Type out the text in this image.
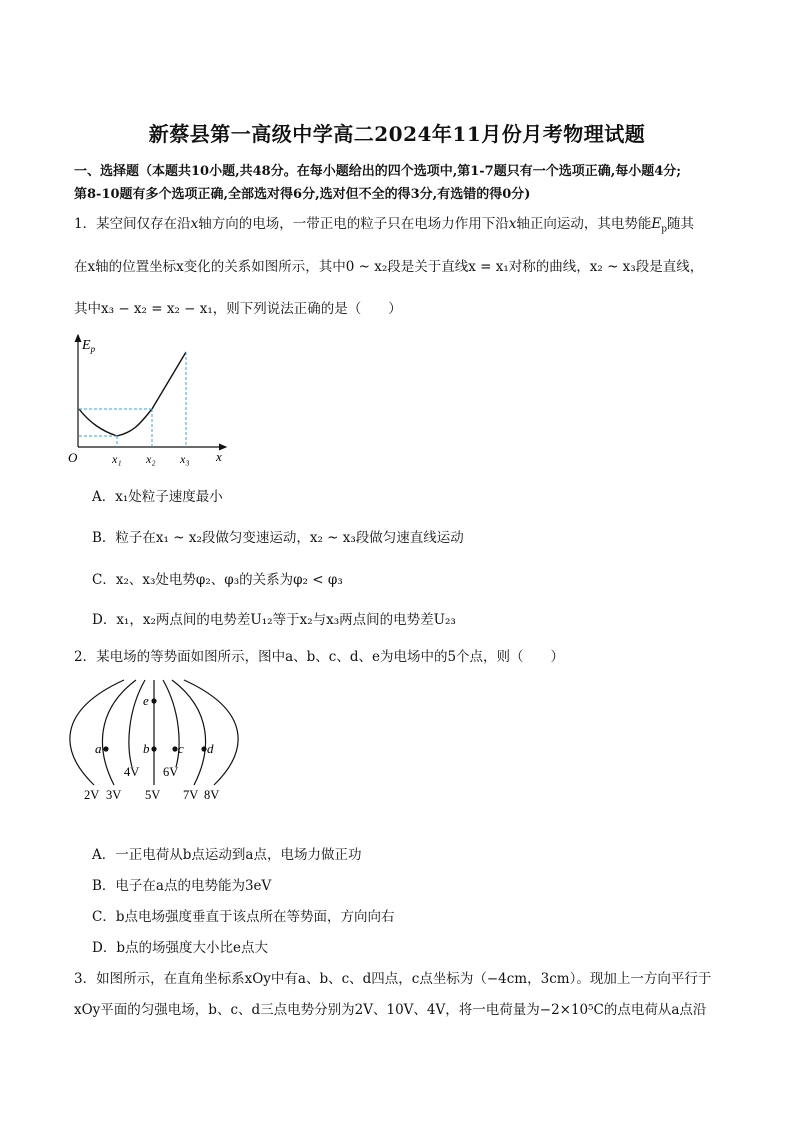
新蔡县第一高级中学高二2024年11月份月考物理试题
一、选择题（本题共10小题,共48分。在每小题给出的四个选项中,第1-7题只有一个选项正确,每小题4分;
第8-10题有多个选项正确,全部选对得6分,选对但不全的得3分,有选错的得0分)
1．某空间仅存在沿x轴方向的电场，一带正电的粒子只在电场力作用下沿x轴正向运动，其电势能$E_p$随其
在x轴的位置坐标x变化的关系如图所示，其中0 ~ x₂段是关于直线x = x₁对称的曲线，x₂ ~ x₃段是直线，
其中x₃ − x₂ = x₂ − x₁，则下列说法正确的是（　　）
$E_p$
O	x
x₁ x₂ x₃
A．x₁处粒子速度最小
B．粒子在x₁ ~ x₂段做匀变速运动，x₂ ~ x₃段做匀速直线运动
C．x₂、x₃处电势φ₂、φ₃的关系为φ₂ < φ₃
D．x₁，x₂两点间的电势差U₁₂等于x₂与x₃两点间的电势差U₂₃
2．某电场的等势面如图所示，图中a、b、c、d、e为电场中的5个点，则（　　）
e
a	b c d
4V 6V
2V 3V 5V 7V 8V
A．一正电荷从b点运动到a点，电场力做正功
B．电子在a点的电势能为3eV
C．b点电场强度垂直于该点所在等势面，方向向右
D．b点的场强度大小比e点大
3．如图所示，在直角坐标系xOy中有a、b、c、d四点，c点坐标为（−4cm，3cm）。现加上一方向平行于
xOy平面的匀强电场，b、c、d三点电势分别为2V、10V、4V，将一电荷量为−2×10⁵C的点电荷从a点沿
